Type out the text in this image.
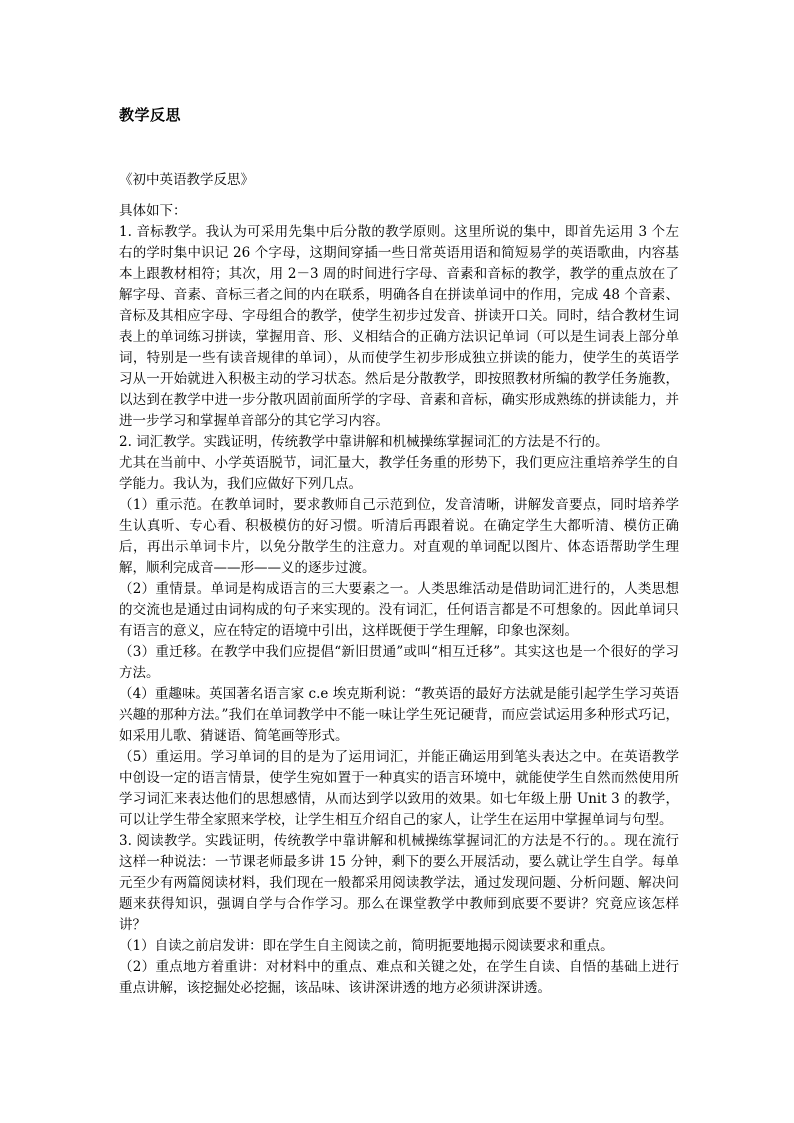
教学反思
《初中英语教学反思》

具体如下：

1. 音标教学。我认为可采用先集中后分散的教学原则。这里所说的集中，即首先运用 3 个左右的学时集中识记 26 个字母，这期间穿插一些日常英语用语和简短易学的英语歌曲，内容基本上跟教材相符；其次，用 2－3 周的时间进行字母、音素和音标的教学，教学的重点放在了解字母、音素、音标三者之间的内在联系，明确各自在拼读单词中的作用，完成 48 个音素、音标及其相应字母、字母组合的教学，使学生初步过发音、拼读开口关。同时，结合教材生词表上的单词练习拼读，掌握用音、形、义相结合的正确方法识记单词（可以是生词表上部分单词，特别是一些有读音规律的单词），从而使学生初步形成独立拼读的能力，使学生的英语学习从一开始就进入积极主动的学习状态。然后是分散教学，即按照教材所编的教学任务施教，以达到在教学中进一步分散巩固前面所学的字母、音素和音标，确实形成熟练的拼读能力，并进一步学习和掌握单音部分的其它学习内容。

2. 词汇教学。实践证明，传统教学中靠讲解和机械操练掌握词汇的方法是不行的。

尤其在当前中、小学英语脱节，词汇量大，教学任务重的形势下，我们更应注重培养学生的自学能力。我认为，我们应做好下列几点。

（1）重示范。在教单词时，要求教师自己示范到位，发音清晰，讲解发音要点，同时培养学生认真听、专心看、积极模仿的好习惯。听清后再跟着说。在确定学生大都听清、模仿正确后，再出示单词卡片，以免分散学生的注意力。对直观的单词配以图片、体态语帮助学生理解，顺利完成音——形——义的逐步过渡。

（2）重情景。单词是构成语言的三大要素之一。人类思维活动是借助词汇进行的，人类思想的交流也是通过由词构成的句子来实现的。没有词汇，任何语言都是不可想象的。因此单词只有语言的意义，应在特定的语境中引出，这样既便于学生理解，印象也深刻。

（3）重迁移。在教学中我们应提倡“新旧贯通”或叫“相互迁移”。其实这也是一个很好的学习方法。

（4）重趣味。英国著名语言家 c.e 埃克斯利说：“教英语的最好方法就是能引起学生学习英语兴趣的那种方法。”我们在单词教学中不能一味让学生死记硬背，而应尝试运用多种形式巧记，如采用儿歌、猜谜语、简笔画等形式。

（5）重运用。学习单词的目的是为了运用词汇，并能正确运用到笔头表达之中。在英语教学中创设一定的语言情景，使学生宛如置于一种真实的语言环境中，就能使学生自然而然使用所学习词汇来表达他们的思想感情，从而达到学以致用的效果。如七年级上册 Unit 3 的教学，可以让学生带全家照来学校，让学生相互介绍自己的家人，让学生在运用中掌握单词与句型。

3. 阅读教学。实践证明，传统教学中靠讲解和机械操练掌握词汇的方法是不行的。。现在流行这样一种说法：一节课老师最多讲 15 分钟，剩下的要么开展活动，要么就让学生自学。每单元至少有两篇阅读材料，我们现在一般都采用阅读教学法，通过发现问题、分析问题、解决问题来获得知识，强调自学与合作学习。那么在课堂教学中教师到底要不要讲？究竟应该怎样讲？

（1）自读之前启发讲：即在学生自主阅读之前，简明扼要地揭示阅读要求和重点。

（2）重点地方着重讲：对材料中的重点、难点和关键之处，在学生自读、自悟的基础上进行重点讲解，该挖掘处必挖掘，该品味、该讲深讲透的地方必须讲深讲透。
